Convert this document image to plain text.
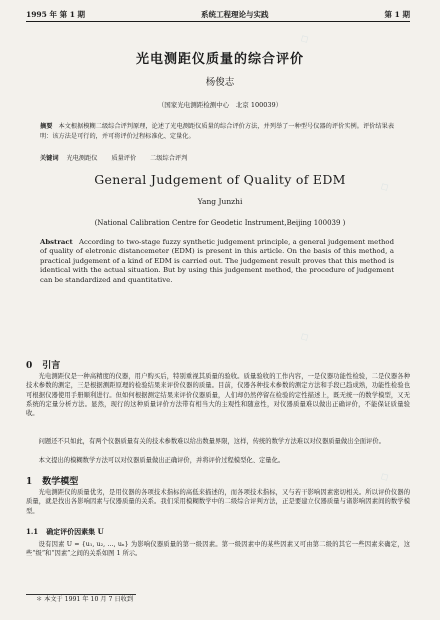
1995 年 第 1 期	系统工程理论与实践	第 1 期
光电测距仪质量的综合评价
杨俊志
（国家光电测距检测中心　北京 100039）
摘要 本文根据模糊二级综合评判原理，论述了光电测距仪质量的综合评价方法，并列举了一种型号仪器的评价实例。评价结果表明：该方法是可行的，并可将评价过程标准化、定量化。
关键词 光电测距仪 质量评价 二级综合评判
General Judgement of Quality of EDM
Yang Junzhi
(National Calibration Centre for Geodetic Instrument,Beijing 100039 )
Abstract According to two-stage fuzzy synthetic judgement principle, a general judgement method of quality of eletronic distancemeter (EDM) is present in this article. On the basis of this method, a practical judgement of a kind of EDM is carried out. The judgement result proves that this method is identical with the actual situation. But by using this judgement method, the procedure of judgement can be standardized and quantitative.
0 引言
光电测距仪是一种高精度的仪器，用户购买后，特别重视其质量的验收。质量验收的工作内容，一是仪器功能性检验，二是仪器各种技术参数的测定，三是根据测距原理的检验结果来评价仪器的质量。目前，仪器各种技术参数的测定方法和手段已趋成熟，功能性检验也可根据仪器使用手册顺利进行。但如何根据测定结果来评价仪器质量，人们却仍然停留在检验的定性描述上，既无统一的数学模型，又无系统的定量分析方法。显然，现行的这种质量评价方法带有相当大的主观性和随意性，对仪器质量难以做出正确评价，不能保证质量验收。
问题还不只如此，有两个仪器质量有关的技术参数难以给出数量界限，这样，传统的数学方法难以对仪器质量做出全面评价。
本文提出的模糊数学方法可以对仪器质量做出正确评价，并将评价过程模型化、定量化。
1 数学模型
光电测距仪的质量优劣，是用仪器的各项技术指标的高低来描述的，而各项技术指标，又与若干影响因素密切相关。所以评价仪器的质量，就是找出各影响因素与仪器质量的关系。我们采用模糊数学中的二级综合评判方法，正是要建立仪器质量与诸影响因素间的数学模型。
1.1 确定评价因素集 U
设有因素 U = {u₁, u₂, …, uₙ} 为影响仪器质量的第一级因素。第一级因素中的某些因素又可由第二级的其它一些因素来确定，这些“级”和“因素”之间的关系如图 1 所示。
＊ 本文于 1991 年 10 月 7 日收到
◇
◇
◇
◇
